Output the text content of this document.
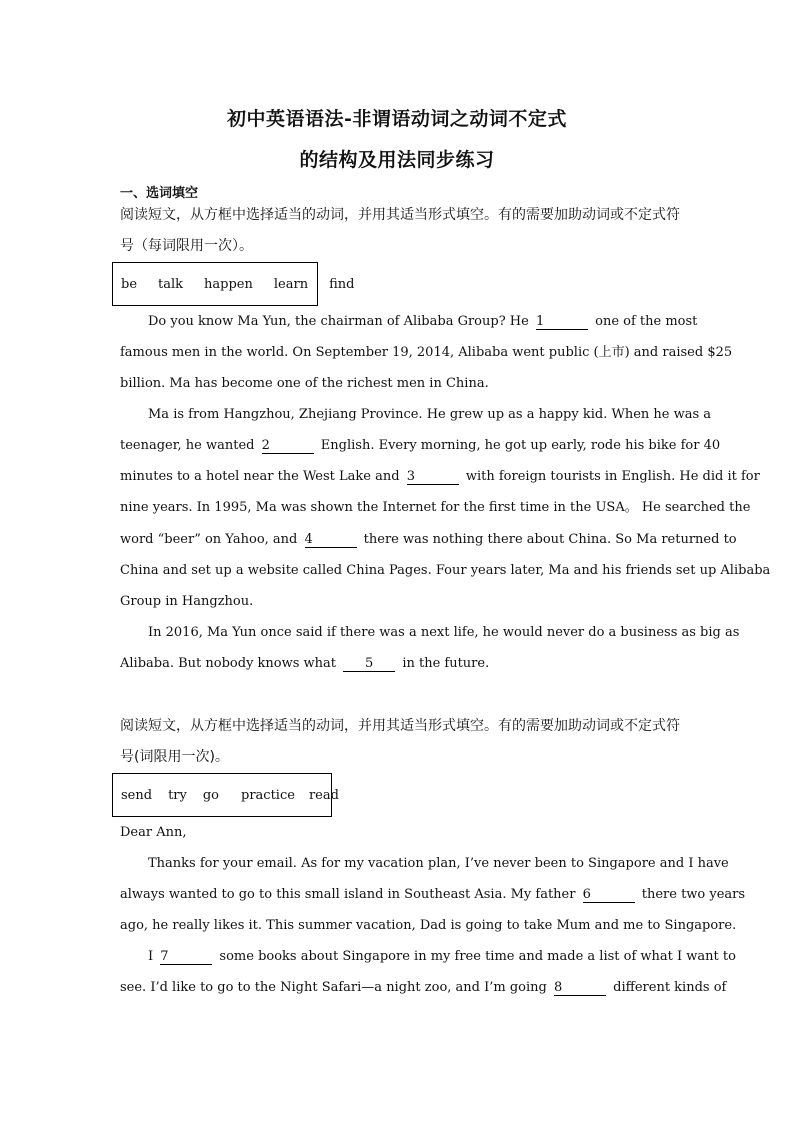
初中英语语法-非谓语动词之动词不定式
的结构及用法同步练习
一、选词填空
阅读短文，从方框中选择适当的动词，并用其适当形式填空。有的需要加助动词或不定式符
号（每词限用一次）。
be talk happen learn find
Do you know Ma Yun, the chairman of Alibaba Group? He 1	one of the most
famous men in the world. On September 19, 2014, Alibaba went public (上市) and raised $25
billion. Ma has become one of the richest men in China.
Ma is from Hangzhou, Zhejiang Province. He grew up as a happy kid. When he was a
teenager, he wanted 2	English. Every morning, he got up early, rode his bike for 40
minutes to a hotel near the West Lake and 3	with foreign tourists in English. He did it for
nine years. In 1995, Ma was shown the Internet for the first time in the USA。 He searched the
word “beer” on Yahoo, and 4	there was nothing there about China. So Ma returned to
China and set up a website called China Pages. Four years later, Ma and his friends set up Alibaba
Group in Hangzhou.
In 2016, Ma Yun once said if there was a next life, he would never do a business as big as
Alibaba. But nobody knows what 5 in the future.
阅读短文，从方框中选择适当的动词，并用其适当形式填空。有的需要加助动词或不定式符
号(词限用一次)。
send try go practice read
Dear Ann,
Thanks for your email. As for my vacation plan, I’ve never been to Singapore and I have
always wanted to go to this small island in Southeast Asia. My father 6	there two years
ago, he really likes it. This summer vacation, Dad is going to take Mum and me to Singapore.
I 7	some books about Singapore in my free time and made a list of what I want to
see. I’d like to go to the Night Safari—a night zoo, and I’m going 8	different kinds of
